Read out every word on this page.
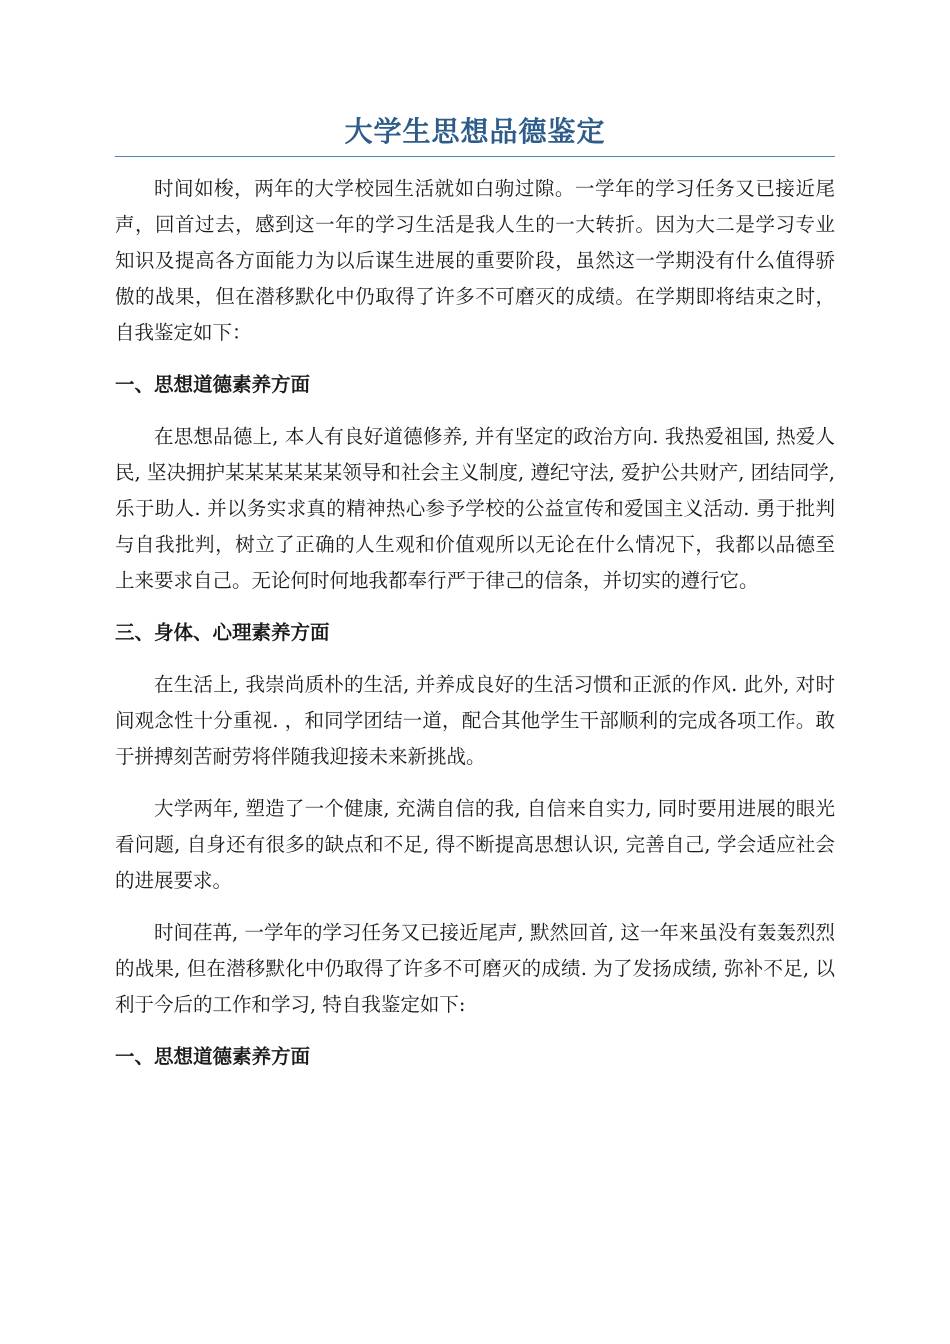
大学生思想品德鉴定

时间如梭，两年的大学校园生活就如白驹过隙。一学年的学习任务又已接近尾声，回首过去，感到这一年的学习生活是我人生的一大转折。因为大二是学习专业知识及提高各方面能力为以后谋生进展的重要阶段，虽然这一学期没有什么值得骄傲的战果，但在潜移默化中仍取得了许多不可磨灭的成绩。在学期即将结束之时，自我鉴定如下：

一、思想道德素养方面

在思想品德上, 本人有良好道德修养, 并有坚定的政治方向. 我热爱祖国, 热爱人民, 坚决拥护某某某某某某领导和社会主义制度, 遵纪守法, 爱护公共财产, 团结同学, 乐于助人. 并以务实求真的精神热心参予学校的公益宣传和爱国主义活动. 勇于批判与自我批判，树立了正确的人生观和价值观所以无论在什么情况下，我都以品德至上来要求自己。无论何时何地我都奉行严于律己的信条，并切实的遵行它。

三、身体、心理素养方面

在生活上, 我崇尚质朴的生活, 并养成良好的生活习惯和正派的作风. 此外, 对时间观念性十分重视. ，和同学团结一道，配合其他学生干部顺利的完成各项工作。敢于拼搏刻苦耐劳将伴随我迎接未来新挑战。

大学两年, 塑造了一个健康, 充满自信的我, 自信来自实力, 同时要用进展的眼光看问题, 自身还有很多的缺点和不足, 得不断提高思想认识, 完善自己, 学会适应社会的进展要求。

时间荏苒, 一学年的学习任务又已接近尾声, 默然回首, 这一年来虽没有轰轰烈烈的战果, 但在潜移默化中仍取得了许多不可磨灭的成绩. 为了发扬成绩, 弥补不足, 以利于今后的工作和学习, 特自我鉴定如下:

一、思想道德素养方面
